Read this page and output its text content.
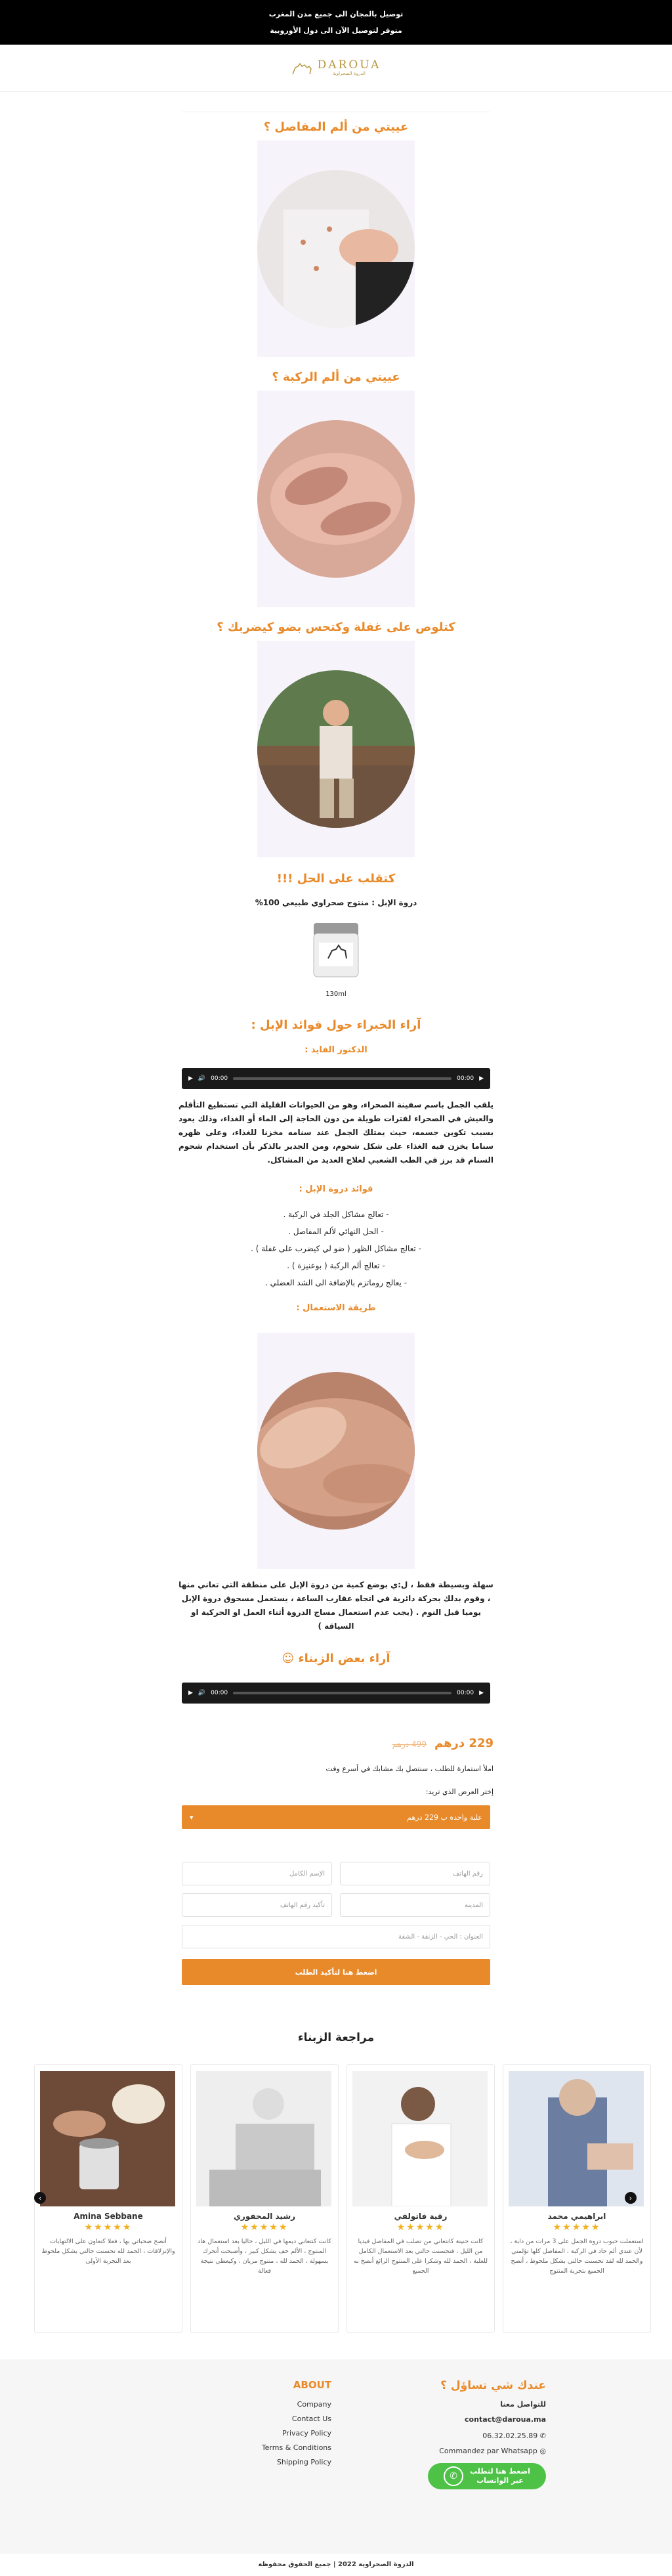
توصيل بالمجان الى جميع مدن المغرب
متوفر لتوصيل الآن الى دول الأوروبية
DAROUA
الدروة الصحراوية
عييتي من ألم المفاصل ؟
عييتي من ألم الركبة ؟
كتلوص على غفلة وكتحس بضو كيضربك ؟
كتقلب على الحل !!!
دروة الإبل : منتوج صحراوي طبيعي 100%
130ml
آراء الخبراء حول فوائد الإبل :
الدكتور الفايد :
▶ 🔊 00:00	00:00 ▶
يلقب الجمل باسم سفينة الصحراء، وهو من الحيوانات القليلة التي تستطيع التأقلم والعيش في الصحراء لفترات طويلة من دون الحاجة إلى الماء أو الغذاء، وذلك يعود بسبب تكوين جسمه، حيث يمتلك الجمل عند سنامه مخزنا للغذاء، وعلى ظهره سناما يخزن فيه الغذاء على شكل شحوم، ومن الجدير بالذكر بأن استخدام شحوم السنام قد برز في الطب الشعبي لعلاج العديد من المشاكل.
فوائد دروة الإبل :
- تعالج مشاكل الجلد في الركبة .
- الحل النهائي لألم المفاصل .
- تعالج مشاكل الظهر ( ضو لي كيضرب على غفلة ) .
- تعالج ألم الركبة ( بوعنيزة ) .
- يعالج روماتزم بالإضافة الى الشد العضلي .
طريقة الاستعمال :
سهلة وبسيطة فقط ، ل:ي بوضع كمية من دروة الإبل على منطقة التي تعاني منها ، وقوم بدلك بحركة دائرية في اتجاه عقارب الساعة ، يستعمل مسحوق دروة الإبل يوميا قبل النوم . (يجب عدم استعمال مساج الدروة أثناء العمل او الحركية او السياقة )
آراء بعض الزبناء ☺
▶ 🔊 00:00	00:00 ▶
229 درهم
499 درهم
املأ استمارة للطلب ، سنتصل بك مشابك في أسرع وقت
إختر العرض الذي تريد:
علبة واحدة ب 229 درهم
▾
الإسم الكامل	رقم الهاتف
تأكيد رقم الهاتف	المدينة
العنوان : الحي - الزنقة - الشقة
اضغط هنا لتأكيد الطلب
مراجعة الزبناء
ابراهيمي محمد
★★★★★
استعملت حبوب دروة الجمل على 3 مرات من دابة ، لأن عندي ألم حاد في الركبة ، المفاصل كلها تؤلمني والحمد لله لقد تحسنت حالتي بشكل ملحوظ ، أنصح الجميع بتجربة المنتوج
رقية فاتولفي
★★★★★
كانت حنينة كانتعاني من تصلب في المفاصل فيديا من الليل ، فتحسنت حالتي بعد الاستعمال الكامل للعلبة ، الحمد لله وشكرا على المنتوج الرائع أنصح به الجميع
رشيد المحفوري
★★★★★
كانت كنتعاني ديمها في الليل ، حاليا بعد استعمال هاد المنتوج ، الألم خف بشكل كبير ، وأصبحت أتحرك بسهولة ، الحمد لله ، منتوج مزيان ، وكيعطي نتيجة فعالة
Amina Sebbane
★★★★★
أنصح صحباتي بها ، فعلا كتعاون على الالتهابات والإنزلاقات ، الحمد لله تحسنت حالتي بشكل ملحوظ بعد التجربة الأولى
‹	›
عندك شي تساؤل ؟
للتواصل معنا
contact@daroua.ma
✆ 06.32.02.25.89
◎ Commandez par Whatsapp
اضغط هنا لتطلب
عبر الواتساب
✆
ABOUT
Company
Contact Us
Privacy Policy
Terms & Conditions
Shipping Policy
الدروة الصحراوية 2022 | جميع الحقوق محفوظة
